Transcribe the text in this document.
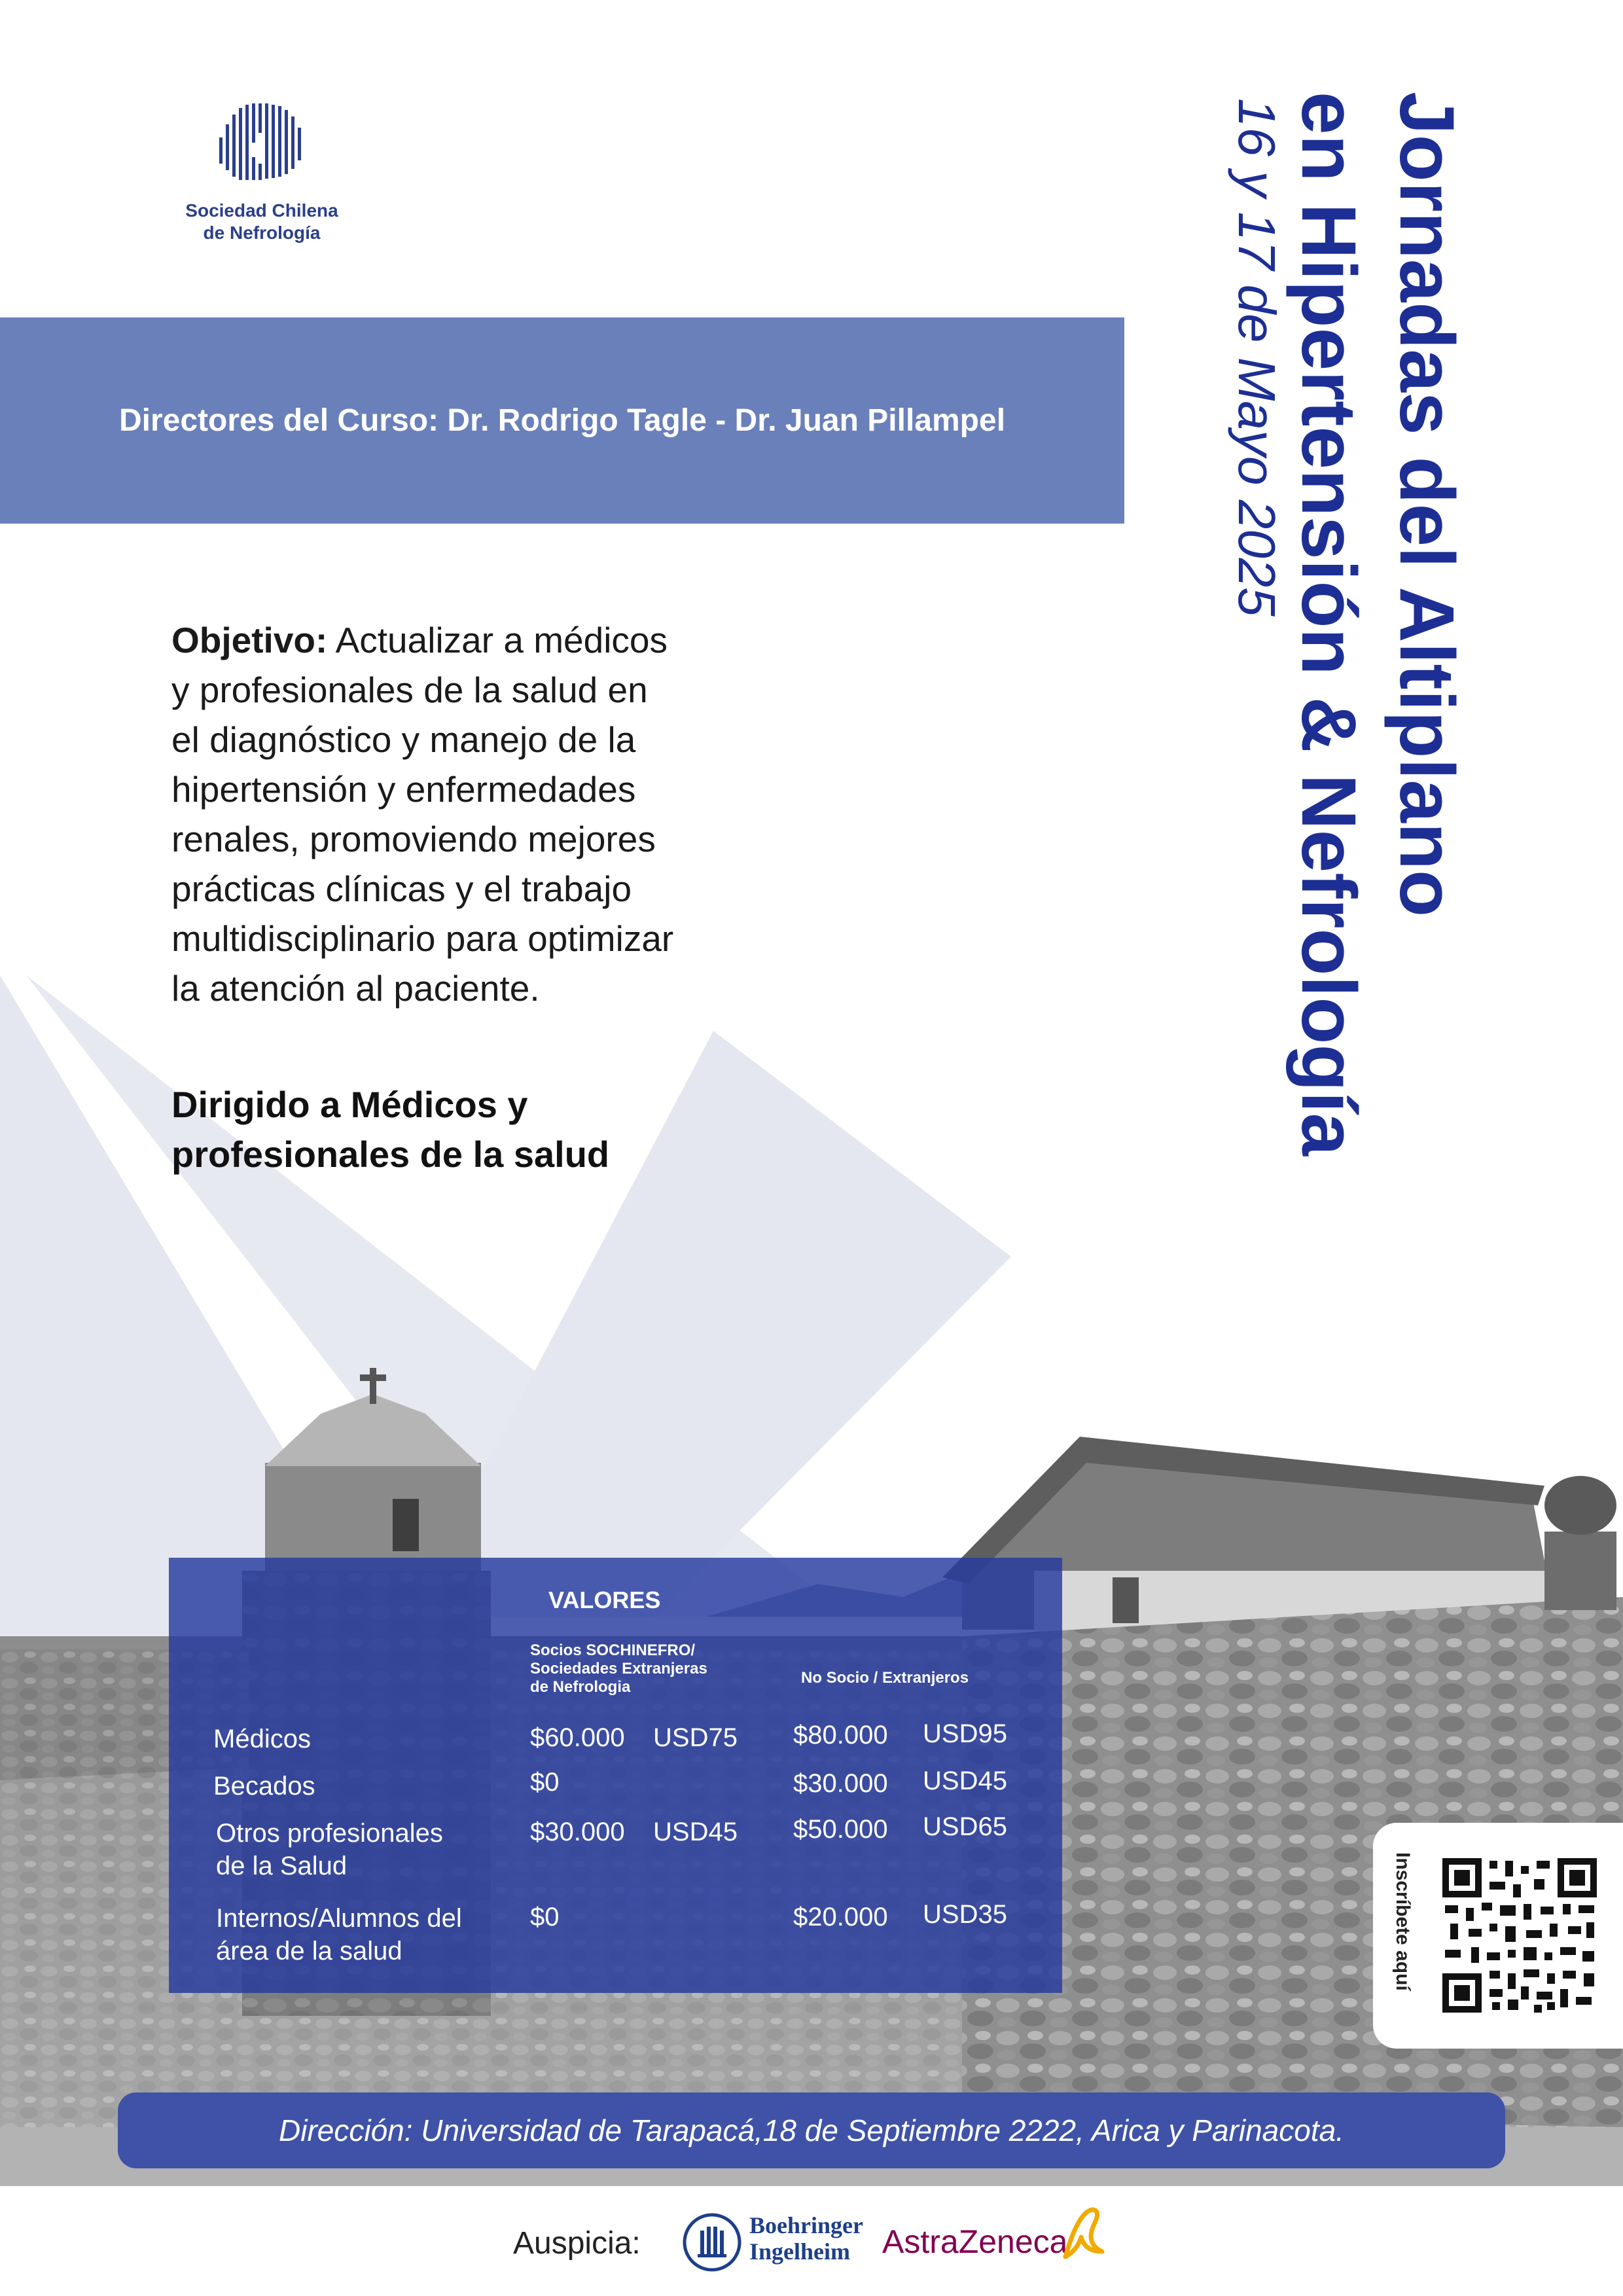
Sociedad Chilena
de Nefrología
Directores del Curso: Dr. Rodrigo Tagle - Dr. Juan Pillampel	Jornadas del Altiplano
en Hipertensión & Nefrología
16 y 17 de Mayo 2025
Objetivo: Actualizar a médicos
y profesionales de la salud en
el diagnóstico y manejo de la
hipertensión y enfermedades
renales, promoviendo mejores
prácticas clínicas y el trabajo
multidisciplinario para optimizar
la atención al paciente.
Dirigido a Médicos y
profesionales de la salud
VALORES
Socios SOCHINEFRO/
Sociedades Extranjeras
de Nefrologia
No Socio / Extranjeros
Médicos	$60.000 USD75 $80.000 USD95
Becados	$0	$30.000 USD45
Otros profesionales
de la Salud
$30.000 USD45 $50.000 USD65
Internos/Alumnos del
área de la salud
$0	$20.000 USD35	Inscríbete aquí
Dirección: Universidad de Tarapacá,18 de Septiembre 2222, Arica y Parinacota.
Auspicia:
Boehringer
Ingelheim AstraZeneca
